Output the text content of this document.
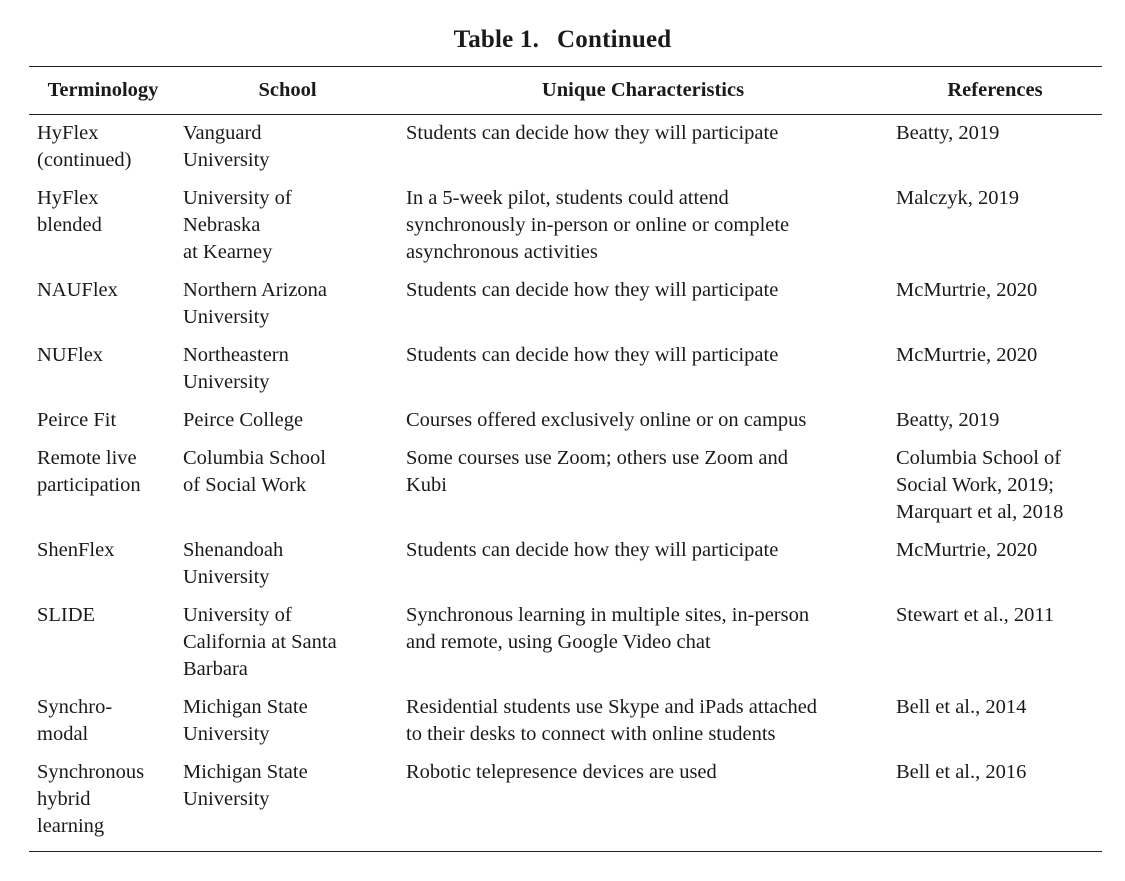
Table 1. Continued
Terminology	School	Unique Characteristics	References

HyFlex
(continued)	Vanguard
University	Students can decide how they will participate	Beatty, 2019

HyFlex
blended	University of
Nebraska
at Kearney	In a 5-week pilot, students could attend
synchronously in-person or online or complete
asynchronous activities	Malczyk, 2019

NAUFlex	Northern Arizona
University	Students can decide how they will participate	McMurtrie, 2020

NUFlex	Northeastern
University	Students can decide how they will participate	McMurtrie, 2020

Peirce Fit	Peirce College	Courses offered exclusively online or on campus	Beatty, 2019

Remote live
participation	Columbia School
of Social Work	Some courses use Zoom; others use Zoom and
Kubi	Columbia School of
Social Work, 2019;
Marquart et al, 2018

ShenFlex	Shenandoah
University	Students can decide how they will participate	McMurtrie, 2020

SLIDE	University of
California at Santa
Barbara	Synchronous learning in multiple sites, in-person
and remote, using Google Video chat	Stewart et al., 2011

Synchro-
modal	Michigan State
University	Residential students use Skype and iPads attached
to their desks to connect with online students	Bell et al., 2014

Synchronous
hybrid
learning	Michigan State
University	Robotic telepresence devices are used	Bell et al., 2016
